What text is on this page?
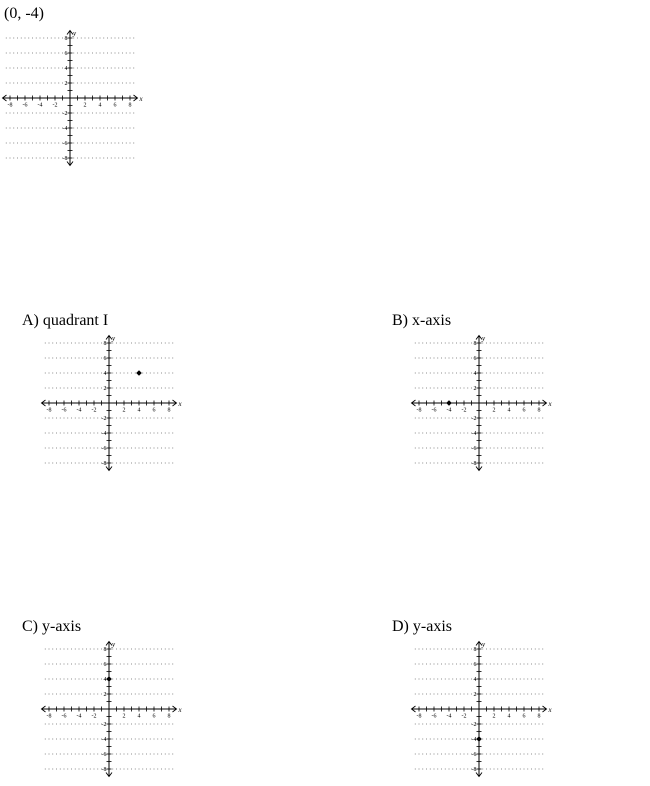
(0, -4)
-8 -6 -4 -2	2 4 6 8
8
6
4
2
-2
-4
-6
-8
x
y
A) quadrant I
-8 -6 -4 -2	2 4 6 8
8
6
4
2
-2
-4
-6
-8
x
y
B) x-axis
-8 -6 -4 -2	2 4 6 8
8
6
4
2
-2
-4
-6
-8
x
y
C) y-axis
-8 -6 -4 -2	2 4 6 8
8
6
4
2
-2
-4
-6
-8
x
y
D) y-axis
-8 -6 -4 -2	2 4 6 8
8
6
4
2
-2
-4
-6
-8
x
y
